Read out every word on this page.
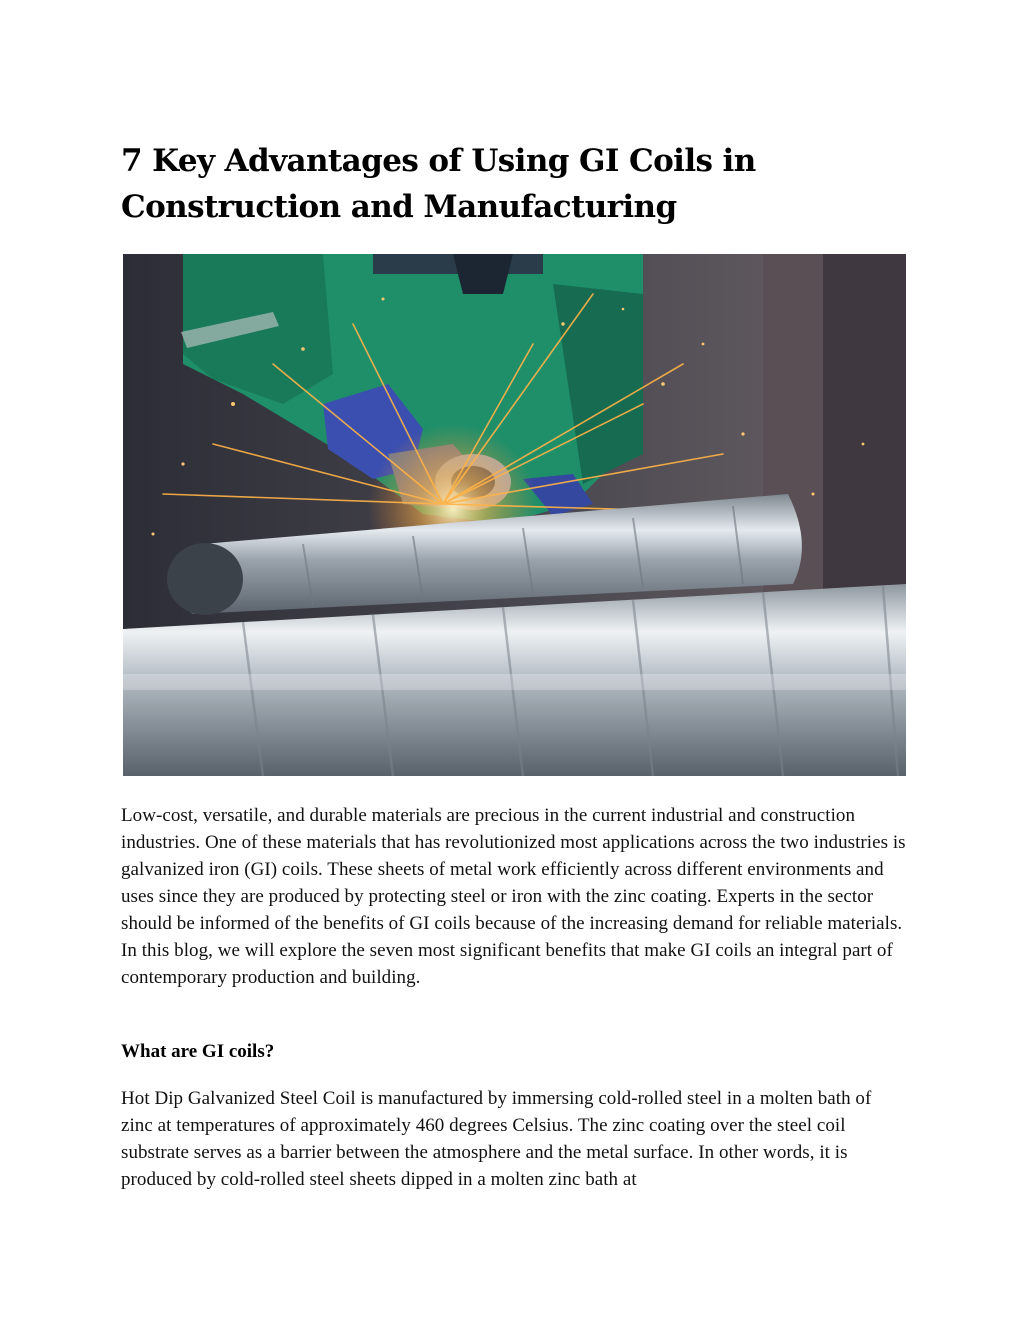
7 Key Advantages of Using GI Coils in Construction and Manufacturing

Low-cost, versatile, and durable materials are precious in the current industrial and construction industries. One of these materials that has revolutionized most applications across the two industries is galvanized iron (GI) coils. These sheets of metal work efficiently across different environments and uses since they are produced by protecting steel or iron with the zinc coating. Experts in the sector should be informed of the benefits of GI coils because of the increasing demand for reliable materials. In this blog, we will explore the seven most significant benefits that make GI coils an integral part of contemporary production and building.

What are GI coils?

Hot Dip Galvanized Steel Coil is manufactured by immersing cold-rolled steel in a molten bath of zinc at temperatures of approximately 460 degrees Celsius. The zinc coating over the steel coil substrate serves as a barrier between the atmosphere and the metal surface. In other words, it is produced by cold-rolled steel sheets dipped in a molten zinc bath at
